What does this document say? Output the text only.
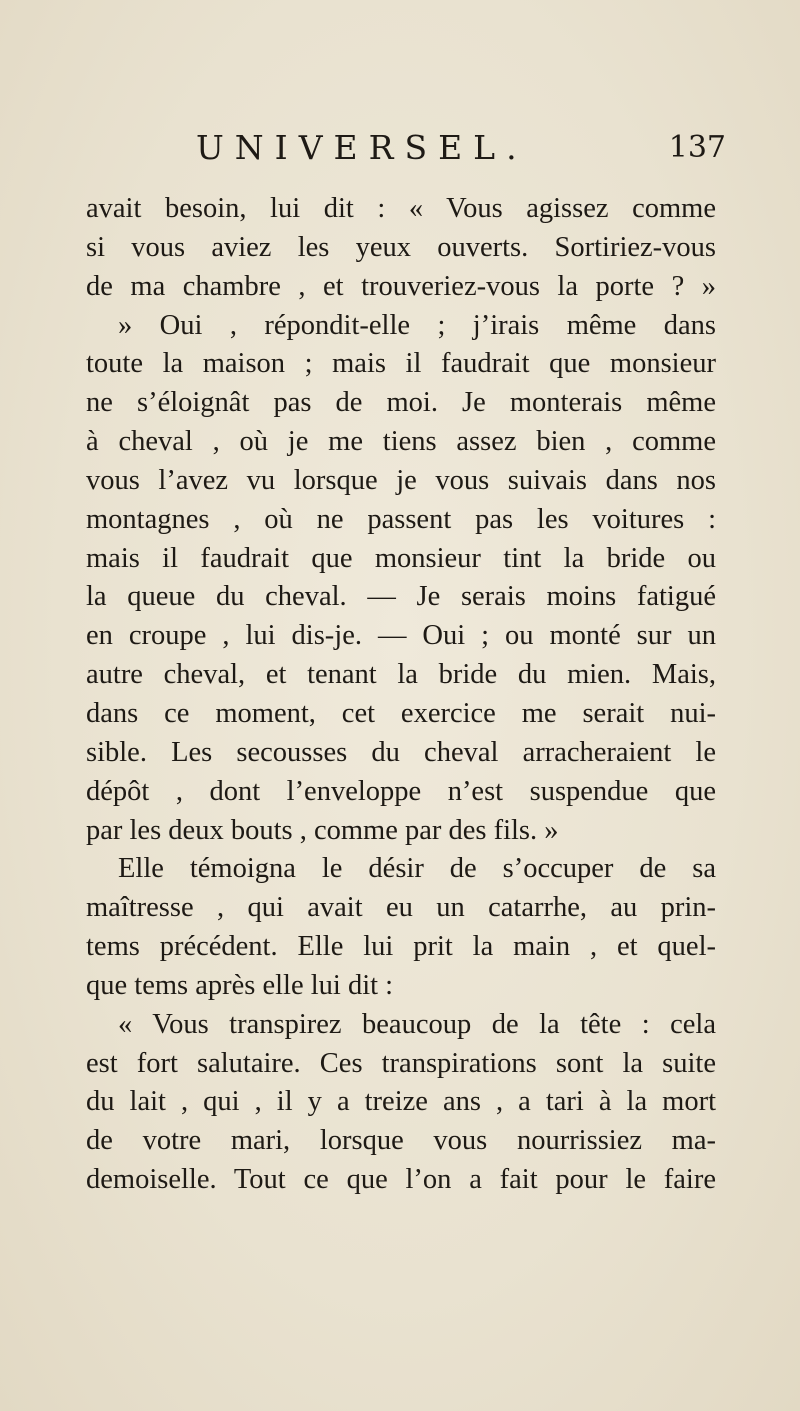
UNIVERSEL.	137
avait besoin, lui dit : « Vous agissez comme
si vous aviez les yeux ouverts. Sortiriez-vous
de ma chambre , et trouveriez-vous la porte ? »
» Oui , répondit-elle ; j’irais même dans
toute la maison ; mais il faudrait que monsieur
ne s’éloignât pas de moi. Je monterais même
à cheval , où je me tiens assez bien , comme
vous l’avez vu lorsque je vous suivais dans nos
montagnes , où ne passent pas les voitures :
mais il faudrait que monsieur tint la bride ou
la queue du cheval. — Je serais moins fatigué
en croupe , lui dis-je. — Oui ; ou monté sur un
autre cheval, et tenant la bride du mien. Mais,
dans ce moment, cet exercice me serait nui-
sible. Les secousses du cheval arracheraient le
dépôt , dont l’enveloppe n’est suspendue que
par les deux bouts , comme par des fils. »
Elle témoigna le désir de s’occuper de sa
maîtresse , qui avait eu un catarrhe, au prin-
tems précédent. Elle lui prit la main , et quel-
que tems après elle lui dit :
« Vous transpirez beaucoup de la tête : cela
est fort salutaire. Ces transpirations sont la suite
du lait , qui , il y a treize ans , a tari à la mort
de votre mari, lorsque vous nourrissiez ma-
demoiselle. Tout ce que l’on a fait pour le faire
